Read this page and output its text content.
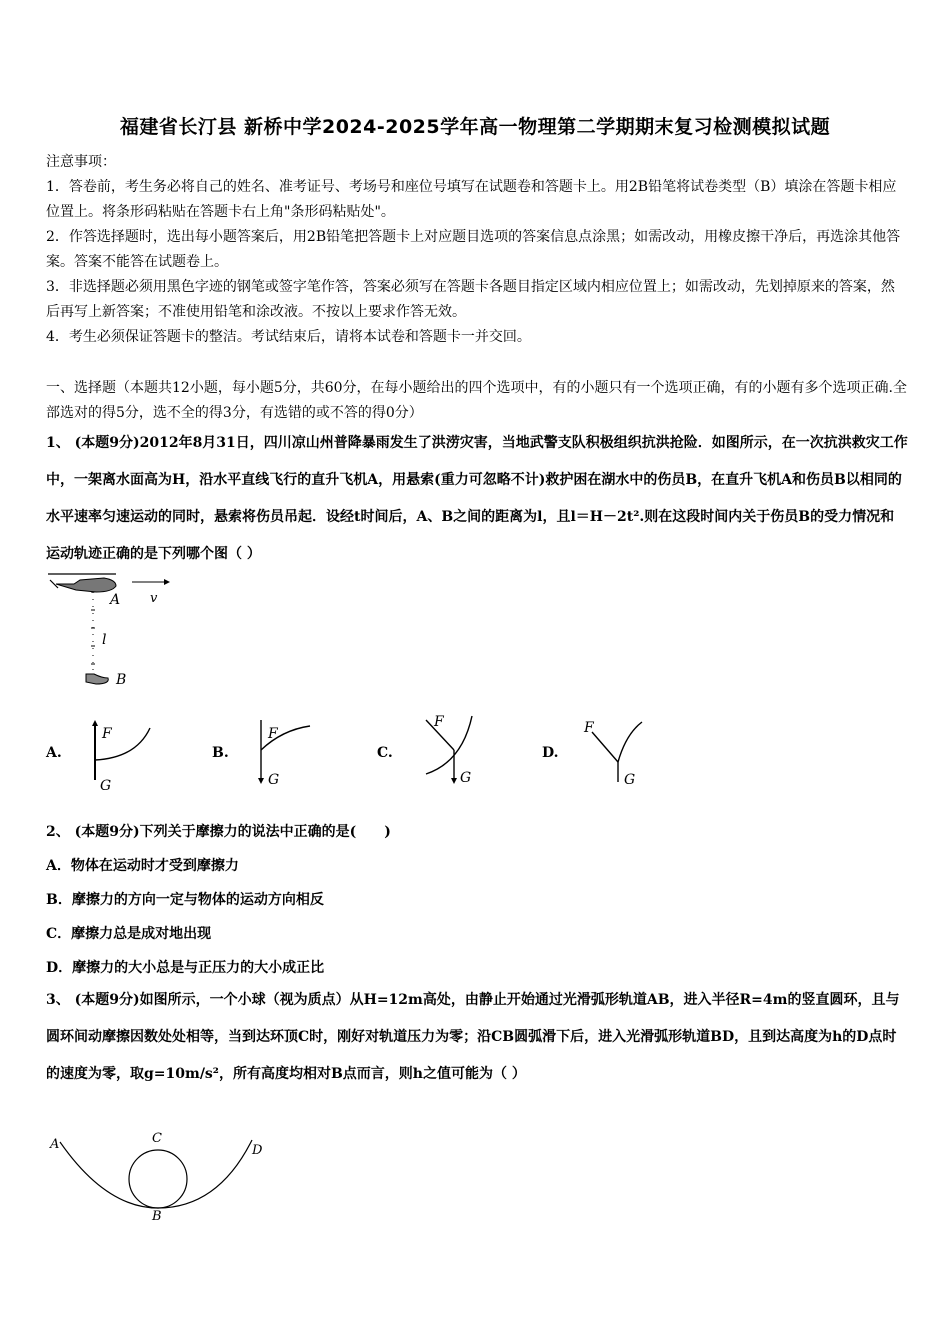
福建省长汀县 新桥中学2024-2025学年高一物理第二学期期末复习检测模拟试题

注意事项：

1．答卷前，考生务必将自己的姓名、准考证号、考场号和座位号填写在试题卷和答题卡上。用2B铅笔将试卷类型（B）填涂在答题卡相应位置上。将条形码粘贴在答题卡右上角"条形码粘贴处"。

2．作答选择题时，选出每小题答案后，用2B铅笔把答题卡上对应题目选项的答案信息点涂黑；如需改动，用橡皮擦干净后，再选涂其他答案。答案不能答在试题卷上。

3．非选择题必须用黑色字迹的钢笔或签字笔作答，答案必须写在答题卡各题目指定区域内相应位置上；如需改动，先划掉原来的答案，然后再写上新答案；不准使用铅笔和涂改液。不按以上要求作答无效。

4．考生必须保证答题卡的整洁。考试结束后，请将本试卷和答题卡一并交回。

一、选择题（本题共12小题，每小题5分，共60分，在每小题给出的四个选项中，有的小题只有一个选项正确，有的小题有多个选项正确.全部选对的得5分，选不全的得3分，有选错的或不答的得0分）

1、 (本题9分)2012年8月31日，四川凉山州普降暴雨发生了洪涝灾害，当地武警支队积极组织抗洪抢险．如图所示，在一次抗洪救灾工作中，一架离水面高为H，沿水平直线飞行的直升飞机A，用悬索(重力可忽略不计)救护困在湖水中的伤员B，在直升飞机A和伤员B以相同的水平速率匀速运动的同时，悬索将伤员吊起．设经t时间后，A、B之间的距离为l，且l＝H－2t².则在这段时间内关于伤员B的受力情况和运动轨迹正确的是下列哪个图（ ）

v
A
l
B
A.
F
G
B.
F
G
C.
F
G
D.
F
G

2、 (本题9分)下列关于摩擦力的说法中正确的是(　　)

A．物体在运动时才受到摩擦力

B．摩擦力的方向一定与物体的运动方向相反

C．摩擦力总是成对地出现

D．摩擦力的大小总是与正压力的大小成正比

3、 (本题9分)如图所示，一个小球（视为质点）从H=12m高处，由静止开始通过光滑弧形轨道AB，进入半径R=4m的竖直圆环，且与圆环间动摩擦因数处处相等，当到达环顶C时，刚好对轨道压力为零；沿CB圆弧滑下后，进入光滑弧形轨道BD，且到达高度为h的D点时的速度为零，取g=10m/s²，所有高度均相对B点而言，则h之值可能为（ ）

A	C
D
B
